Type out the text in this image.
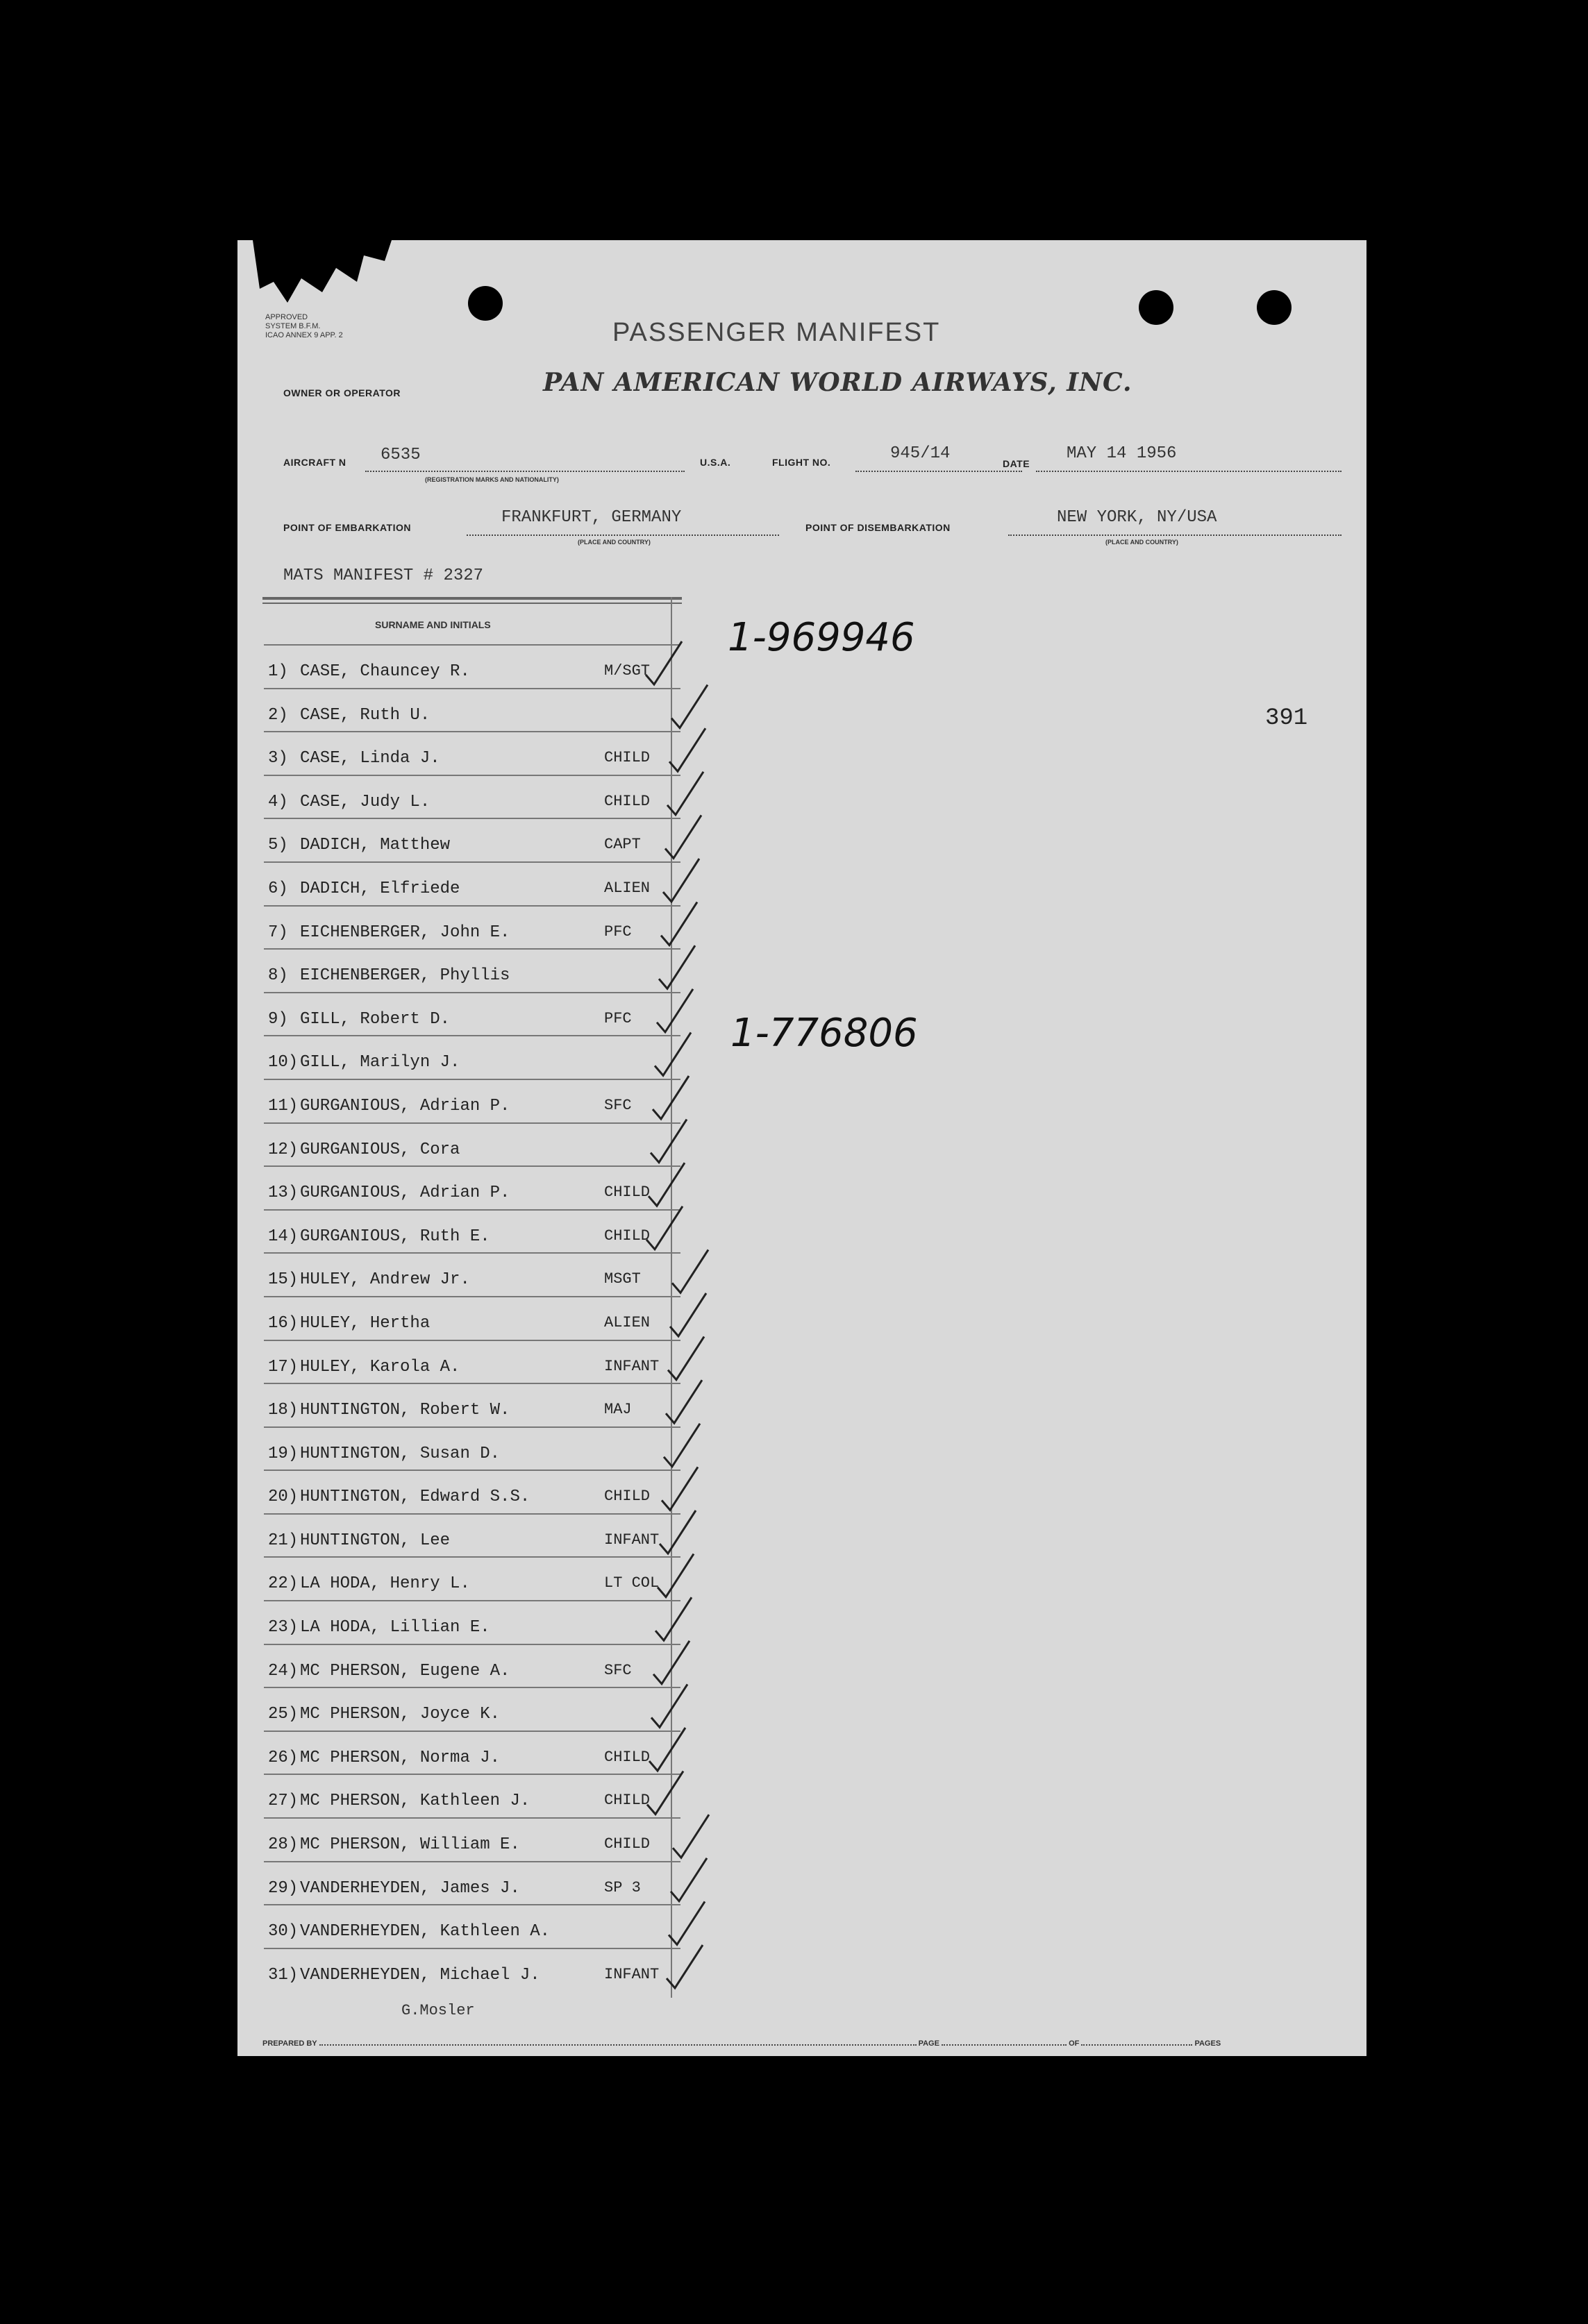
APPROVED
SYSTEM B.F.M.
ICAO ANNEX 9 APP. 2	PASSENGER MANIFEST
OWNER OR OPERATOR	PAN AMERICAN WORLD AIRWAYS, INC.
AIRCRAFT N 6535
(REGISTRATION MARKS AND NATIONALITY)
U.S.A.	FLIGHT NO.	945/14
DATE
MAY 14 1956
POINT OF EMBARKATION
FRANKFURT, GERMANY
(PLACE AND COUNTRY)
POINT OF DISEMBARKATION
NEW YORK, NY/USA
(PLACE AND COUNTRY)
MATS MANIFEST # 2327
391
SURNAME AND INITIALS
1) CASE, Chauncey R.	M/SGT
2) CASE, Ruth U.
3) CASE, Linda J.	CHILD
4) CASE, Judy L.	CHILD
5) DADICH, Matthew	CAPT
6) DADICH, Elfriede	ALIEN
7) EICHENBERGER, John E.	PFC
8) EICHENBERGER, Phyllis
9) GILL, Robert D.	PFC
10) GILL, Marilyn J.
11) GURGANIOUS, Adrian P.	SFC
12) GURGANIOUS, Cora
13) GURGANIOUS, Adrian P.	CHILD
14) GURGANIOUS, Ruth E.	CHILD
15) HULEY, Andrew Jr.	MSGT
16) HULEY, Hertha	ALIEN
17) HULEY, Karola A.	INFANT
18) HUNTINGTON, Robert W.	MAJ
19) HUNTINGTON, Susan D.
20) HUNTINGTON, Edward S.S.	CHILD
21) HUNTINGTON, Lee	INFANT
22) LA HODA, Henry L.	LT COL
23) LA HODA, Lillian E.
24) MC PHERSON, Eugene A.	SFC
25) MC PHERSON, Joyce K.
26) MC PHERSON, Norma J.	CHILD
27) MC PHERSON, Kathleen J.	CHILD
28) MC PHERSON, William E.	CHILD
29) VANDERHEYDEN, James J.	SP 3
30) VANDERHEYDEN, Kathleen A.
31) VANDERHEYDEN, Michael J.	INFANT
1-969946
1-776806
G.Mosler
PREPARED BY	PAGE	OF	PAGES
